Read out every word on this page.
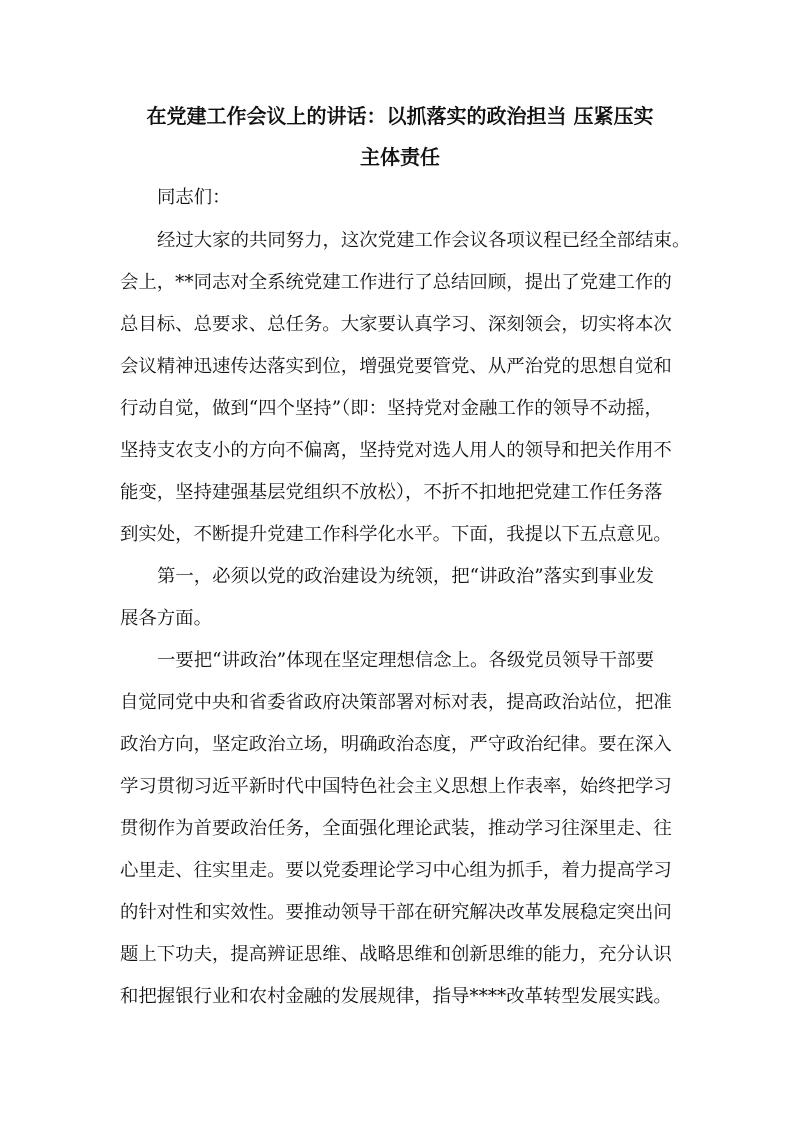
在党建工作会议上的讲话：以抓落实的政治担当 压紧压实

主体责任

同志们：

经过大家的共同努力，这次党建工作会议各项议程已经全部结束。

会上，**同志对全系统党建工作进行了总结回顾，提出了党建工作的

总目标、总要求、总任务。大家要认真学习、深刻领会，切实将本次

会议精神迅速传达落实到位，增强党要管党、从严治党的思想自觉和

行动自觉，做到“四个坚持”（即：坚持党对金融工作的领导不动摇，

坚持支农支小的方向不偏离，坚持党对选人用人的领导和把关作用不

能变，坚持建强基层党组织不放松），不折不扣地把党建工作任务落

到实处，不断提升党建工作科学化水平。下面，我提以下五点意见。

第一，必须以党的政治建设为统领，把“讲政治”落实到事业发

展各方面。

一要把“讲政治”体现在坚定理想信念上。各级党员领导干部要

自觉同党中央和省委省政府决策部署对标对表，提高政治站位，把准

政治方向，坚定政治立场，明确政治态度，严守政治纪律。要在深入

学习贯彻习近平新时代中国特色社会主义思想上作表率，始终把学习

贯彻作为首要政治任务，全面强化理论武装，推动学习往深里走、往

心里走、往实里走。要以党委理论学习中心组为抓手，着力提高学习

的针对性和实效性。要推动领导干部在研究解决改革发展稳定突出问

题上下功夫，提高辨证思维、战略思维和创新思维的能力，充分认识

和把握银行业和农村金融的发展规律，指导****改革转型发展实践。
